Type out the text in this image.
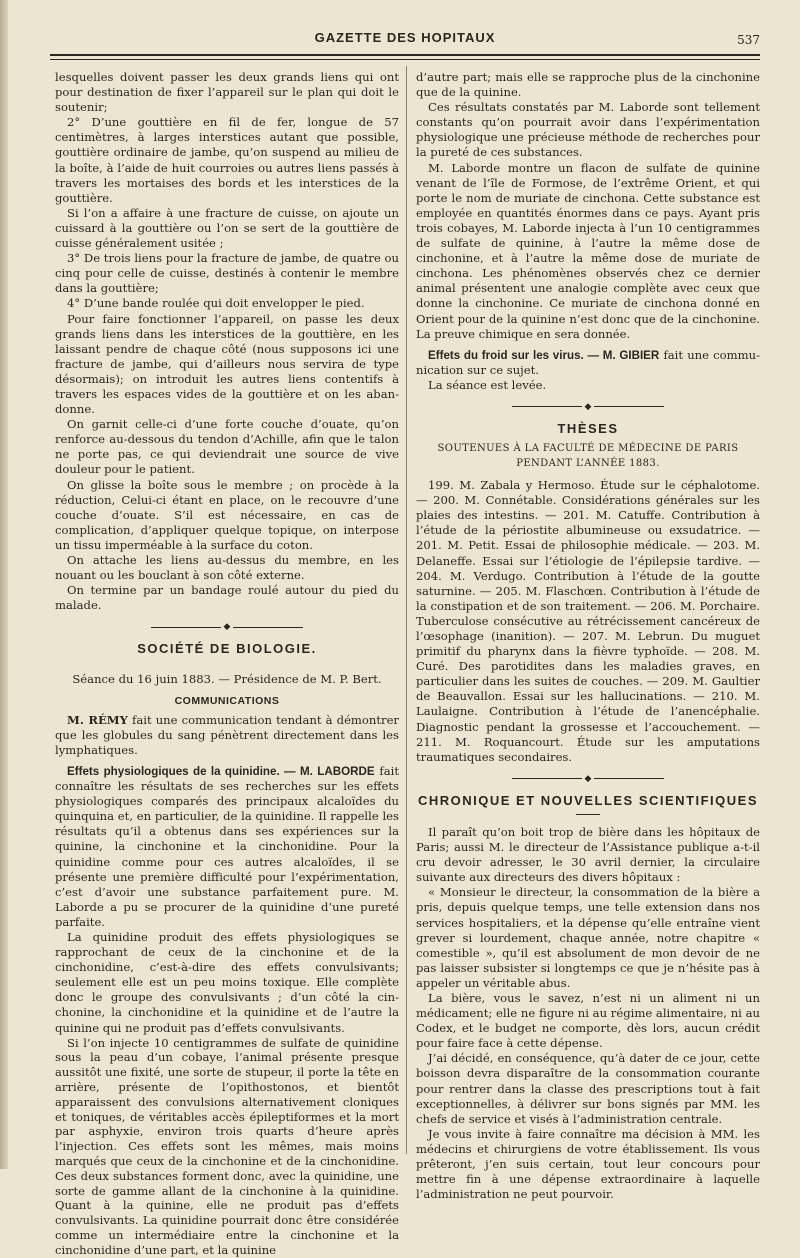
GAZETTE DES HOPITAUX	537

lesquelles doivent passer les deux grands liens qui ont pour destination de fixer l’appareil sur le plan qui doit le soutenir;

2° D’une gouttière en fil de fer, longue de 57 centimètres, à larges interstices autant que possible, gouttière ordinaire de jambe, qu’on suspend au milieu de la boîte, à l’aide de huit courroies ou autres liens passés à travers les mortaises des bords et les interstices de la gouttière.

Si l’on a affaire à une fracture de cuisse, on ajoute un cuissard à la gouttière ou l’on se sert de la gouttière de cuisse généralement usitée ;

3° De trois liens pour la fracture de jambe, de quatre ou cinq pour celle de cuisse, destinés à contenir le membre dans la gouttière;

4° D’une bande roulée qui doit envelopper le pied.

Pour faire fonctionner l’appareil, on passe les deux grands liens dans les interstices de la gouttière, en les laissant pendre de chaque côté (nous supposons ici une fracture de jambe, qui d’ailleurs nous servira de type désormais); on introduit les autres liens contentifs à travers les espaces vides de la gouttière et on les abandonne.

On garnit celle-ci d’une forte couche d’ouate, qu’on renforce au-dessous du tendon d’Achille, afin que le talon ne porte pas, ce qui deviendrait une source de vive douleur pour le patient.

On glisse la boîte sous le membre ; on procède à la réduction, Celui-ci étant en place, on le recouvre d’une couche d’ouate. S’il est nécessaire, en cas de complication, d’appliquer quelque topique, on interpose un tissu imperméable à la surface du coton.

On attache les liens au-dessus du membre, en les nouant ou les bouclant à son côté externe.

On termine par un bandage roulé autour du pied du malade.

◆
SOCIÉTÉ DE BIOLOGIE.
Séance du 16 juin 1883. — Présidence de M. P. Bert.
COMMUNICATIONS

M. RÉMY fait une communication tendant à démontrer que les globules du sang pénètrent directement dans les lymphatiques.

Effets physiologiques de la quinidine. — M. LABORDE fait connaître les résultats de ses recherches sur les effets physiologiques comparés des principaux alcaloïdes du quinquina et, en particulier, de la quinidine. Il rappelle les résultats qu’il a obtenus dans ses expériences sur la quinine, la cinchonine et la cinchonidine. Pour la quinidine comme pour ces autres alcaloïdes, il se présente une première difficulté pour l’expérimentation, c’est d’avoir une substance parfaitement pure. M. Laborde a pu se procurer de la quinidine d’une pureté parfaite.

La quinidine produit des effets physiologiques se rapprochant de ceux de la cinchonine et de la cinchonidine, c’est-à-dire des effets convulsivants; seulement elle est un peu moins toxique. Elle complète donc le groupe des convulsivants ; d’un côté la cinchonine, la cinchonidine et la quinidine et de l’autre la quinine qui ne produit pas d’effets convulsivants.

Si l’on injecte 10 centigrammes de sulfate de quinidine sous la peau d’un cobaye, l’animal présente presque aussitôt une fixité, une sorte de stupeur, il porte la tête en arrière, présente de l’opithostonos, et bientôt apparaissent des convulsions alternativement cloniques et toniques, de véritables accès épileptiformes et la mort par asphyxie, environ trois quarts d’heure après l’injection. Ces effets sont les mêmes, mais moins marqués que ceux de la cinchonine et de la cinchonidine. Ces deux substances forment donc, avec la quinidine, une sorte de gamme allant de la cinchonine à la quinidine. Quant à la quinine, elle ne produit pas d’effets convulsivants. La quinidine pourrait donc être considérée comme un intermédiaire entre la cinchonine et la cinchonidine d’une part, et la quinine

d’autre part; mais elle se rapproche plus de la cinchonine que de la quinine.

Ces résultats constatés par M. Laborde sont tellement constants qu’on pourrait avoir dans l’expérimentation physiologique une précieuse méthode de recherches pour la pureté de ces substances.

M. Laborde montre un flacon de sulfate de quinine venant de l’île de Formose, de l’extrême Orient, et qui porte le nom de muriate de cinchona. Cette substance est employée en quantités énormes dans ce pays. Ayant pris trois cobayes, M. Laborde injecta à l’un 10 centigrammes de sulfate de quinine, à l’autre la même dose de cinchonine, et à l’autre la même dose de muriate de cinchona. Les phénomènes observés chez ce dernier animal présentent une analogie complète avec ceux que donne la cinchonine. Ce muriate de cinchona donné en Orient pour de la quinine n’est donc que de la cinchonine. La preuve chimique en sera donnée.

Effets du froid sur les virus. — M. GIBIER fait une communication sur ce sujet.

La séance est levée.

◆
THÈSES
SOUTENUES À LA FACULTÉ DE MÉDECINE DE PARIS
PENDANT L’ANNÉE 1883.

199. M. Zabala y Hermoso. Étude sur le céphalotome. — 200. M. Connétable. Considérations générales sur les plaies des intestins. — 201. M. Catuffe. Contribution à l’étude de la périostite albumineuse ou exsudatrice. — 201. M. Petit. Essai de philosophie médicale. — 203. M. Delaneffe. Essai sur l’étiologie de l’épilepsie tardive. — 204. M. Verdugo. Contribution à l’étude de la goutte saturnine. — 205. M. Flaschœn. Contribution à l’étude de la constipation et de son traitement. — 206. M. Porchaire. Tuberculose consécutive au rétrécissement cancéreux de l’œsophage (inanition). — 207. M. Lebrun. Du muguet primitif du pharynx dans la fièvre typhoïde. — 208. M. Curé. Des parotidites dans les maladies graves, en particulier dans les suites de couches. — 209. M. Gaultier de Beauvallon. Essai sur les hallucinations. — 210. M. Laulaigne. Contribution à l’étude de l’anencéphalie. Diagnostic pendant la grossesse et l’accouchement. — 211. M. Roquancourt. Étude sur les amputations traumatiques secondaires.

◆
CHRONIQUE ET NOUVELLES SCIENTIFIQUES

Il paraît qu’on boit trop de bière dans les hôpitaux de Paris; aussi M. le directeur de l’Assistance publique a-t-il cru devoir adresser, le 30 avril dernier, la circulaire suivante aux directeurs des divers hôpitaux :

« Monsieur le directeur, la consommation de la bière a pris, depuis quelque temps, une telle extension dans nos services hospitaliers, et la dépense qu’elle entraîne vient grever si lourdement, chaque année, notre chapitre « comestible », qu’il est absolument de mon devoir de ne pas laisser subsister si longtemps ce que je n’hésite pas à appeler un véritable abus.

La bière, vous le savez, n’est ni un aliment ni un médicament; elle ne figure ni au régime alimentaire, ni au Codex, et le budget ne comporte, dès lors, aucun crédit pour faire face à cette dépense.

J’ai décidé, en conséquence, qu’à dater de ce jour, cette boisson devra disparaître de la consommation courante pour rentrer dans la classe des prescriptions tout à fait exceptionnelles, à délivrer sur bons signés par MM. les chefs de service et visés à l’administration centrale.

Je vous invite à faire connaître ma décision à MM. les médecins et chirurgiens de votre établissement. Ils vous prêteront, j’en suis certain, tout leur concours pour mettre fin à une dépense extraordinaire à laquelle l’administration ne peut pourvoir.
